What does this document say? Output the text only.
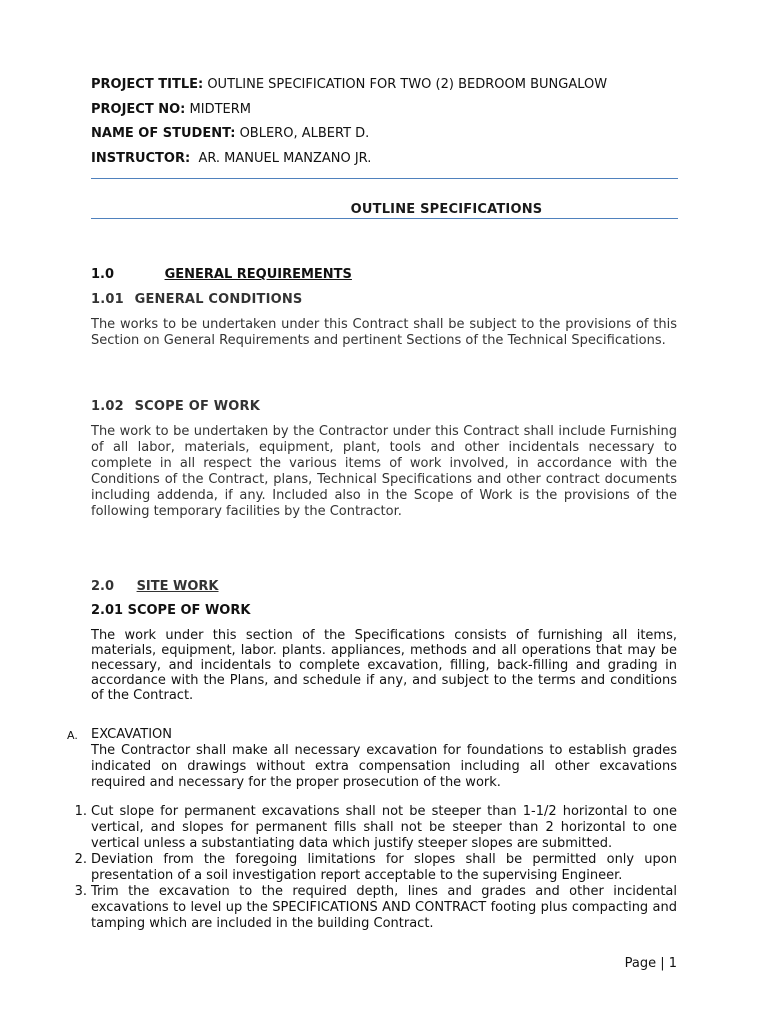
PROJECT TITLE: OUTLINE SPECIFICATION FOR TWO (2) BEDROOM BUNGALOW
PROJECT NO: MIDTERM
NAME OF STUDENT: OBLERO, ALBERT D.
INSTRUCTOR: AR. MANUEL MANZANO JR.
OUTLINE SPECIFICATIONS
1.0	GENERAL REQUIREMENTS
1.01 GENERAL CONDITIONS
The works to be undertaken under this Contract shall be subject to the provisions of this Section on General Requirements and pertinent Sections of the Technical Specifications.
1.02 SCOPE OF WORK
The work to be undertaken by the Contractor under this Contract shall include Furnishing of all labor, materials, equipment, plant, tools and other incidentals necessary to complete in all respect the various items of work involved, in accordance with the Conditions of the Contract, plans, Technical Specifications and other contract documents including addenda, if any. Included also in the Scope of Work is the provisions of the following temporary facilities by the Contractor.
2.0 SITE WORK
2.01 SCOPE OF WORK
The work under this section of the Specifications consists of furnishing all items, materials, equipment, labor. plants. appliances, methods and all operations that may be necessary, and incidentals to complete excavation, filling, back-filling and grading in accordance with the Plans, and schedule if any, and subject to the terms and conditions of the Contract.
A. EXCAVATION
The Contractor shall make all necessary excavation for foundations to establish grades indicated on drawings without extra compensation including all other excavations required and necessary for the proper prosecution of the work.
1. Cut slope for permanent excavations shall not be steeper than 1-1/2 horizontal to one vertical, and slopes for permanent fills shall not be steeper than 2 horizontal to one vertical unless a substantiating data which justify steeper slopes are submitted.
2. Deviation from the foregoing limitations for slopes shall be permitted only upon presentation of a soil investigation report acceptable to the supervising Engineer.
3. Trim the excavation to the required depth, lines and grades and other incidental excavations to level up the SPECIFICATIONS AND CONTRACT footing plus compacting and tamping which are included in the building Contract.
Page | 1
